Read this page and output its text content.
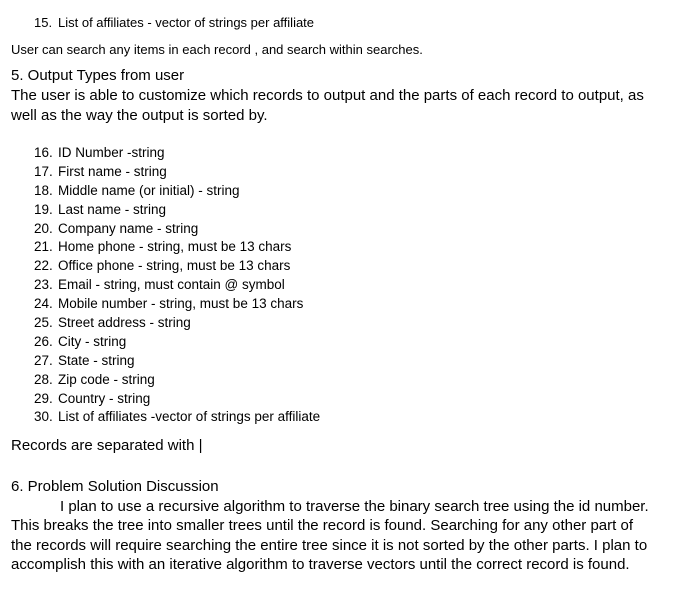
15. List of affiliates - vector of strings per affiliate
User can search any items in each record , and search within searches.
5. Output Types from user
The user is able to customize which records to output and the parts of each record to output, as
well as the way the output is sorted by.
16. ID Number -string
17. First name - string
18. Middle name (or initial) - string
19. Last name - string
20. Company name - string
21. Home phone - string, must be 13 chars
22. Office phone - string, must be 13 chars
23. Email - string, must contain @ symbol
24. Mobile number - string, must be 13 chars
25. Street address - string
26. City - string
27. State - string
28. Zip code - string
29. Country - string
30. List of affiliates -vector of strings per affiliate
Records are separated with |
6. Problem Solution Discussion
I plan to use a recursive algorithm to traverse the binary search tree using the id number.
This breaks the tree into smaller trees until the record is found. Searching for any other part of
the records will require searching the entire tree since it is not sorted by the other parts. I plan to
accomplish this with an iterative algorithm to traverse vectors until the correct record is found.
